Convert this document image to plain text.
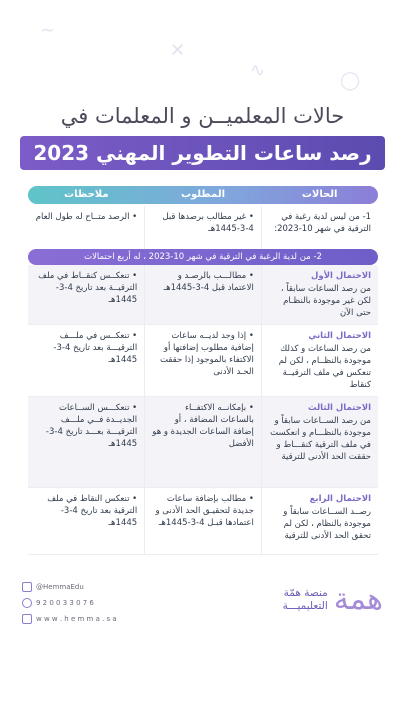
∼
✕
◯
∿
حالات المعلميــن و المعلمات في
رصد ساعات التطوير المهني 2023
الحالات
المطلوب
ملاحظات
1- من ليس لدية رغبة في الترقية في شهر 10-2023:	• غير مطالب برصدها قبل 4-3-1445هـ	• الرصد متــاح له طول العام
2- من لدية الرغبة في الترقية في شهر 10-2023 ، له أربع احتمالات
الاحتمال الأول
من رصد الساعات سابقاً ، لكن غير موجودة بالنظـام حتى الآن	• مطالـــب بالرصـد و الاعتماد قبل 4-3-1445هـ	• تنعكــس كنقــاط في ملف الترقيــة بعد تاريخ 4-3-1445هـ

الاحتمال الثاني
من رصد الساعات و كذلك موجودة بالنظــام ، لكن لم تنعكس في ملف الترقيــة كنقاط	• إذا وجد لديــه ساعات إضافية مطلوب إضافتها أو الاكتفاء بالموجود إذا حققت الحـد الأدنى	• تنعكــس في ملـــف الترقيـــة بعد تاريخ 4-3-1445هـ

الاحتمال الثالث
من رصد الســاعات سابقاً و موجودة بالنظـــام و انعكست في ملف الترقية كنقـــاط و حققت الحد الأدنى للترقية	• بإمكانــه الاكتفــاء بالساعات المضافة ، أو إضافة الساعات الجديدة و هو الأفضل	• تنعكـــس الســاعات الجديــدة فــي ملـــف الترقيـــة بعـــد تاريخ 4-3-1445هـ

الاحتمال الرابع
رصــد الســاعات سابقاً و موجودة بالنظام ، لكن لم تحقق الحد الأدنى للترقية	• مطالب بإضافة ساعات جديدة لتحقيـق الحد الأدنى و اعتمادها قبـل 4-3-1445هـ	• تنعكس النقاط في ملف الترقية بعد تاريخ 4-3-1445هـ
@HemmaEdu
9 2 0 0 3 3 0 7 6
w w w . h e m m a . s a
همة
منصة همّة
التعليميـــة
